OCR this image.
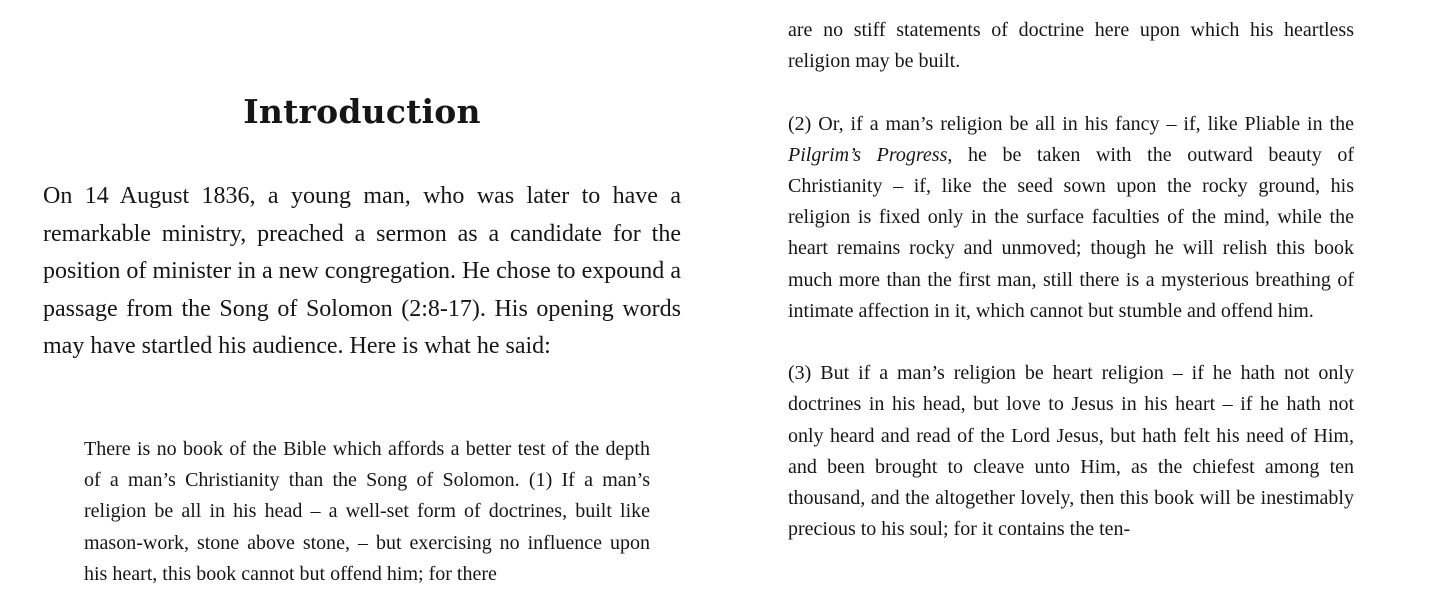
Introduction

On 14 August 1836, a young man, who was later to have a remarkable ministry, preached a sermon as a candidate for the position of minister in a new congregation. He chose to expound a passage from the Song of Solomon (2:8-17). His opening words may have startled his audience. Here is what he said:

There is no book of the Bible which affords a better test of the depth of a man’s Christianity than the Song of Solomon. (1) If a man’s religion be all in his head – a well-set form of doctrines, built like mason-work, stone above stone, – but exercising no influence upon his heart, this book cannot but offend him; for there

are no stiff statements of doctrine here upon which his heartless religion may be built.

(2) Or, if a man’s religion be all in his fancy – if, like Pliable in the Pilgrim’s Progress, he be taken with the outward beauty of Christianity – if, like the seed sown upon the rocky ground, his religion is fixed only in the surface faculties of the mind, while the heart remains rocky and unmoved; though he will relish this book much more than the first man, still there is a mysterious breathing of intimate affection in it, which cannot but stumble and offend him.

(3) But if a man’s religion be heart religion – if he hath not only doctrines in his head, but love to Jesus in his heart – if he hath not only heard and read of the Lord Jesus, but hath felt his need of Him, and been brought to cleave unto Him, as the chiefest among ten thousand, and the altogether lovely, then this book will be inestimably precious to his soul; for it contains the ten-
